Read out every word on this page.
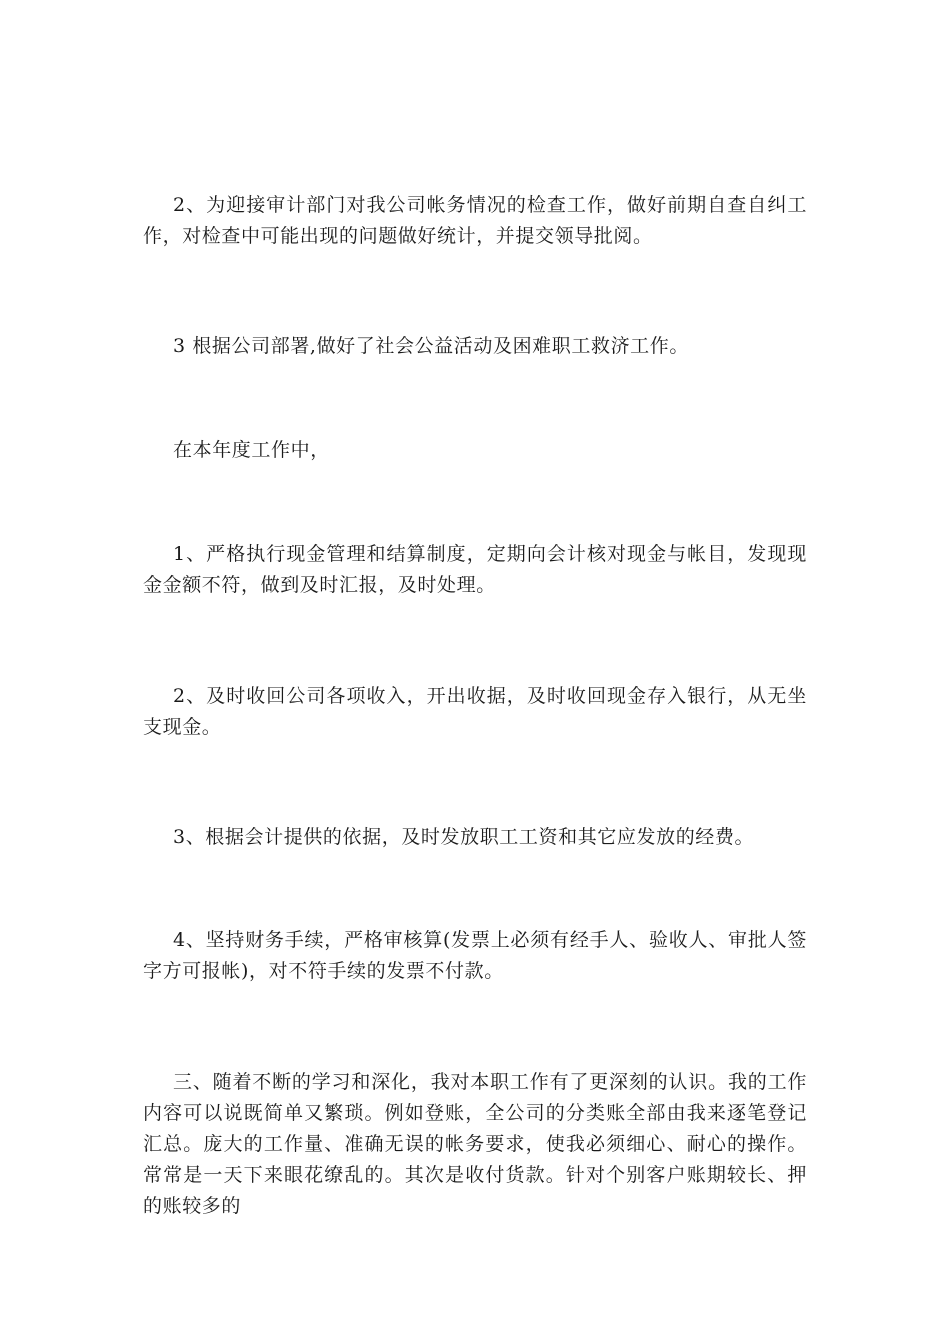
2、为迎接审计部门对我公司帐务情况的检查工作，做好前期自查自纠工作，对检查中可能出现的问题做好统计，并提交领导批阅。

3 根据公司部署,做好了社会公益活动及困难职工救济工作。

在本年度工作中，

1、严格执行现金管理和结算制度，定期向会计核对现金与帐目，发现现金金额不符，做到及时汇报，及时处理。

2、及时收回公司各项收入，开出收据，及时收回现金存入银行，从无坐支现金。

3、根据会计提供的依据，及时发放职工工资和其它应发放的经费。

4、坚持财务手续，严格审核算(发票上必须有经手人、验收人、审批人签字方可报帐)，对不符手续的发票不付款。

三、随着不断的学习和深化，我对本职工作有了更深刻的认识。我的工作内容可以说既简单又繁琐。例如登账，全公司的分类账全部由我来逐笔登记汇总。庞大的工作量、准确无误的帐务要求，使我必须细心、耐心的操作。常常是一天下来眼花缭乱的。其次是收付货款。针对个别客户账期较长、押的账较多的
